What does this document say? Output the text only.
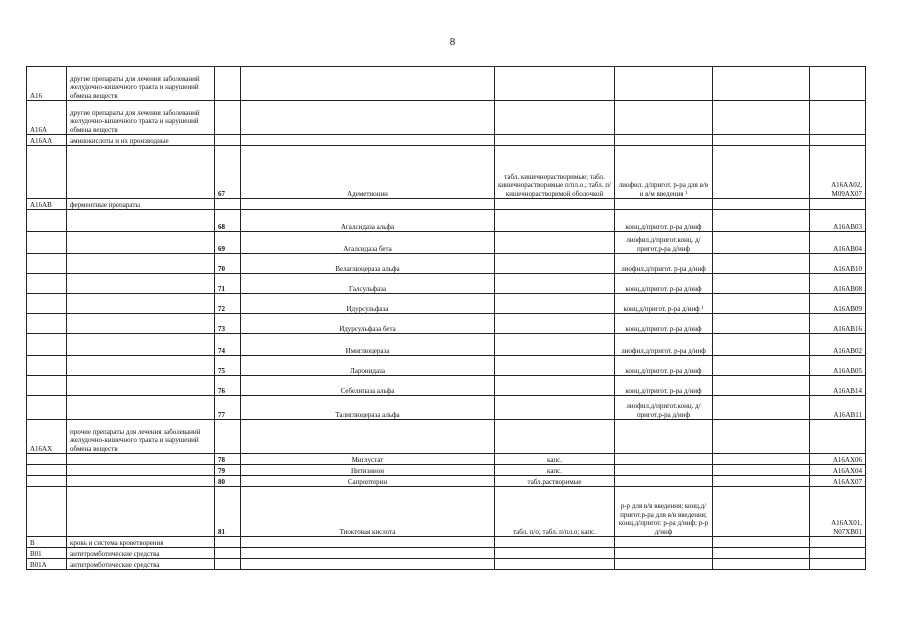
8
A16	другие препараты для лечения заболеваний желудочно-кишечного тракта и нарушений обмена веществ						
A16A	другие препараты для лечения заболеваний желудочно-кишечного тракта и нарушений обмена веществ						
A16AA	аминокислоты и их производные						
		67	Адеметионин	табл. кишечнорастворимые; табл. кишечнорастворимые п/пл.о.; табл. п/кишечнорастворимой оболочкой	лиофил. д/пригот. р-ра для в/в и в/м введения ¹		A16AA02, M09AX07
A16AB	ферментные препараты						
		68	Агалсидаза альфа		конц.д/пригот. р-ра д/инф		A16AB03
		69	Агалсидаза бета		лиофил.д/пригот.конц. д/пригот.р-ра д/инф		A16AB04
		70	Велаглюцераза альфа		лиофил.д/пригот. р-ра д/инф		A16AB10
		71	Галсульфаза		конц.д/пригот. р-ра д/инф		A16AB08
		72	Идурсульфаза		конц.д/пригот. р-ра д/инф ¹		A16AB09
		73	Идурсульфаза бета		конц.д/пригот. р-ра д/инф		A16AB16
		74	Имиглюцераза		лиофил.д/пригот. р-ра д/инф		A16AB02
		75	Ларонидаза		конц.д/пригот. р-ра д/инф		A16AB05
		76	Себелипаза альфа		конц.д/пригот. р-ра д/инф		A16AB14
		77	Талиглюцераза альфа		лиофил.д/пригот.конц. д/пригот.р-ра д/инф		A16AB11
A16AX	прочие препараты для лечения заболеваний желудочно-кишечного тракта и нарушений обмена веществ						
		78	Миглустат	капс.			A16AX06
		79	Нитизинон	капс.			A16AX04
		80	Сапроптерин	табл.растворимые			A16AX07
		81	Тиоктовая кислота	табл. п/о; табл. п/пл.о; капс.	р-р для в/в введения; конц.д/пригот.р-ра для в/в введения; конц.д/пригот. р-ра д/инф; р-р д/инф		A16AX01, N07XB01
B	кровь и система кроветворения						
B01	антитромботические средства						
B01A	антитромботические средства						
